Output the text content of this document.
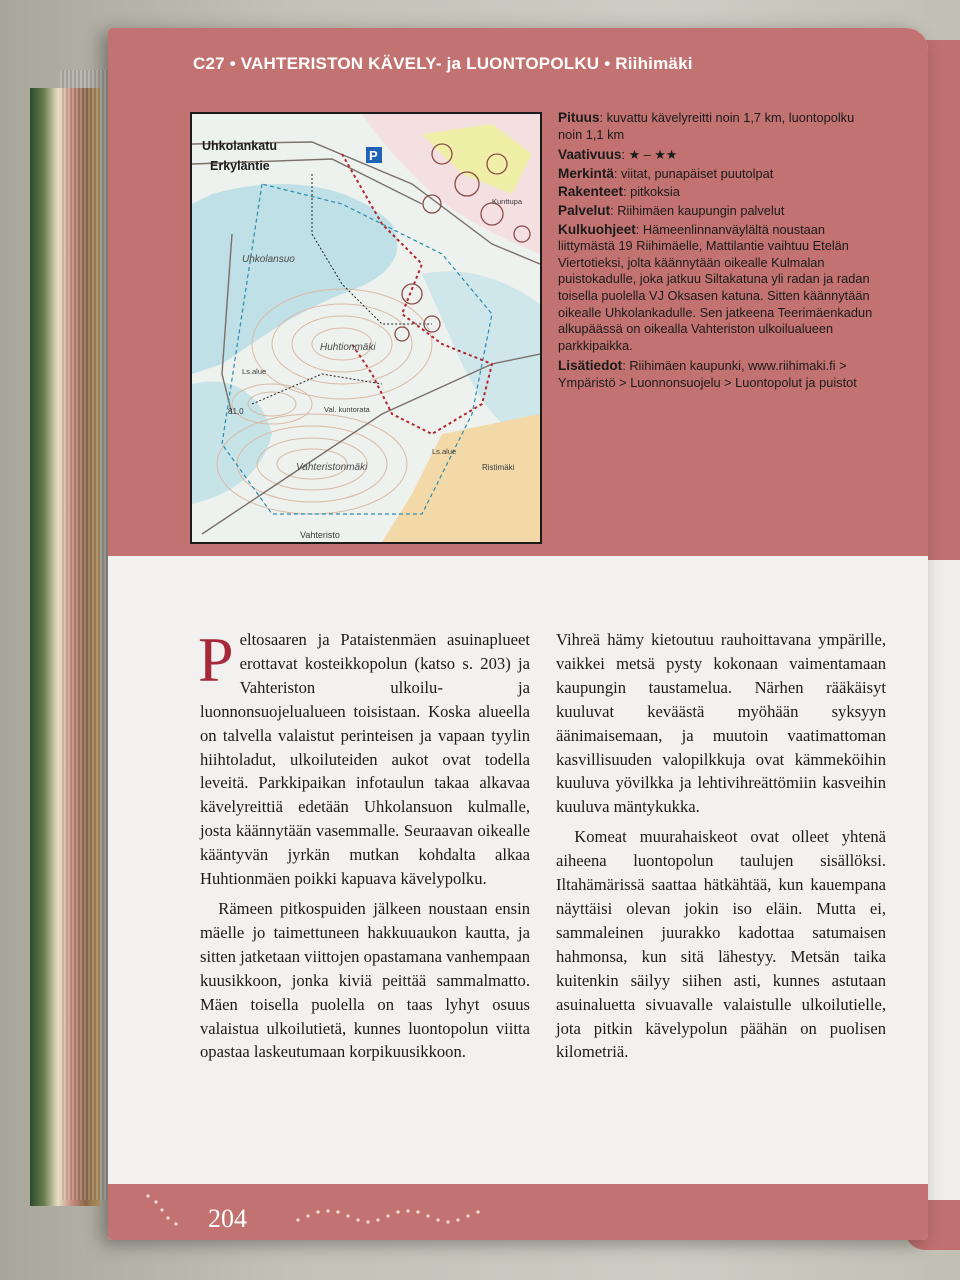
C27 • VAHTERISTON KÄVELY- ja LUONTOPOLKU • Riihimäki
P
Uhkolankatu
Erkyläntie
Uhkolansuo
Huhtionmäki
Vahteristonmäki
Vahteristo
Ristimäki
Kunttupa
Ls.alue
Ls.alue
Val. kuntorata
81,0
Pituus: kuvattu kävelyreitti noin 1,7 km, luontopolku noin 1,1 km
Vaativuus: ★ – ★★
Merkintä: viitat, punapäiset puutolpat
Rakenteet: pitkoksia
Palvelut: Riihimäen kaupungin palvelut
Kulkuohjeet: Hämeenlinnanväylältä noustaan liittymästä 19 Riihimäelle, Mattilantie vaihtuu Etelän Viertotieksi, jolta käännytään oikealle Kulmalan puistokadulle, joka jatkuu Siltakatuna yli radan ja radan toisella puolella VJ Oksasen katuna. Sitten käännytään oikealle Uhkolankadulle. Sen jatkeena Teerimäenkadun alkupäässä on oikealla Vahteriston ulkoilualueen parkkipaikka.
Lisätiedot: Riihimäen kaupunki, www.riihimaki.fi > Ympäristö > Luonnonsuojelu > Luontopolut ja puistot

Peltosaaren ja Pataistenmäen asuinaplueet erottavat kosteikkopolun (katso s. 203) ja Vahteriston ulkoilu- ja luonnonsuojelualueen toisistaan. Koska alueella on talvella valaistut perinteisen ja vapaan tyylin hiihtoladut, ulkoiluteiden aukot ovat todella leveitä. Parkkipaikan infotaulun takaa alkavaa kävelyreittiä edetään Uhkolansuon kulmalle, josta käännytään vasemmalle. Seuraavan oikealle kääntyvän jyrkän mutkan kohdalta alkaa Huhtionmäen poikki kapuava kävelypolku.

Rämeen pitkospuiden jälkeen noustaan ensin mäelle jo taimettuneen hakkuuaukon kautta, ja sitten jatketaan viittojen opastamana vanhempaan kuusikkoon, jonka kiviä peittää sammalmatto. Mäen toisella puolella on taas lyhyt osuus valaistua ulkoilutietä, kunnes luontopolun viitta opastaa laskeutumaan korpikuusikkoon.

Vihreä hämy kietoutuu rauhoittavana ympärille, vaikkei metsä pysty kokonaan vaimentamaan kaupungin taustamelua. Närhen rääkäisyt kuuluvat keväästä myöhään syksyyn äänimaisemaan, ja muutoin vaatimattoman kasvillisuuden valopilkkuja ovat kämmeköihin kuuluva yövilkka ja lehtivihreättömiin kasveihin kuuluva mäntykukka.

Komeat muurahaiskeot ovat olleet yhtenä aiheena luontopolun taulujen sisällöksi. Iltahämärissä saattaa hätkähtää, kun kauempana näyttäisi olevan jokin iso eläin. Mutta ei, sammaleinen juurakko kadottaa satumaisen hahmonsa, kun sitä lähestyy. Metsän taika kuitenkin säilyy siihen asti, kunnes astutaan asuinaluetta sivuavalle valaistulle ulkoilutielle, jota pitkin kävelypolun päähän on puolisen kilometriä.

204
